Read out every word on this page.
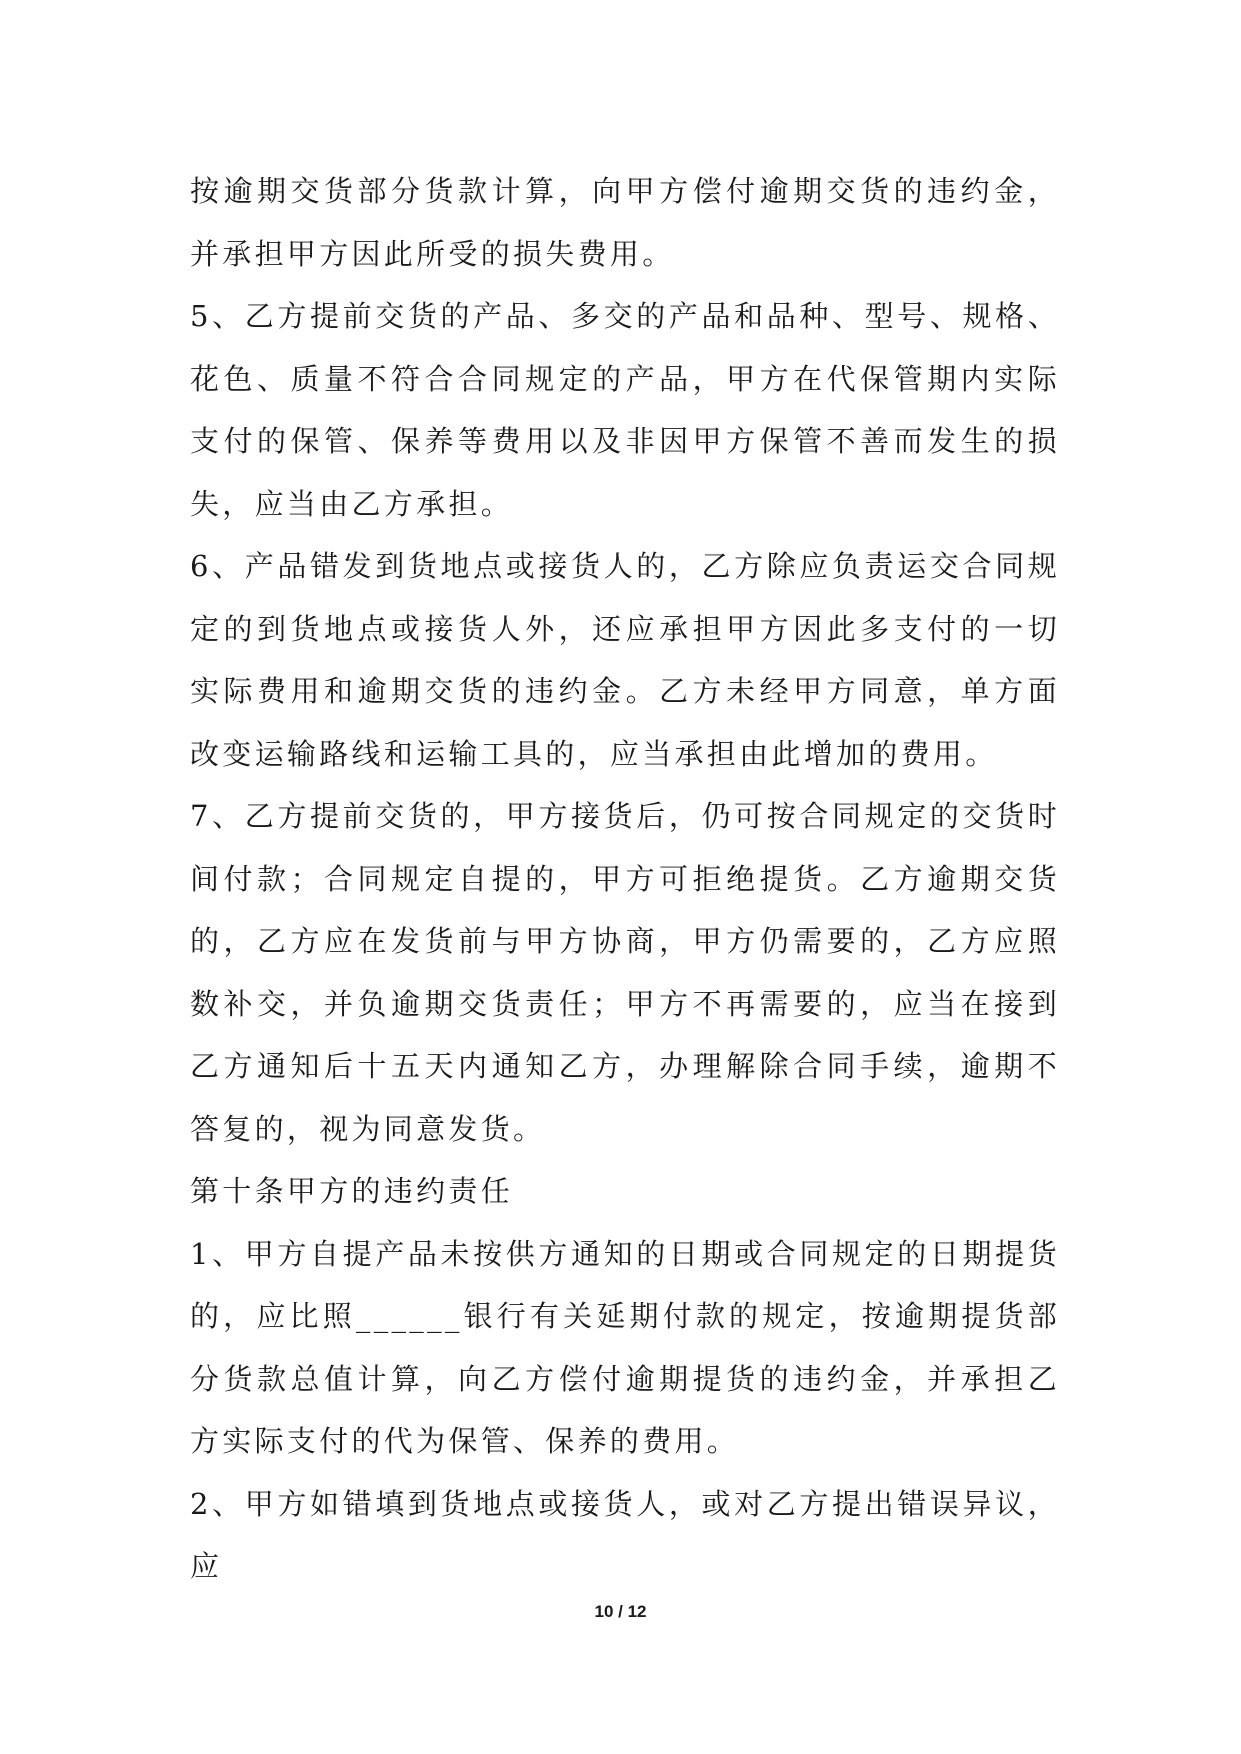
按逾期交货部分货款计算，向甲方偿付逾期交货的违约金，并承担甲方因此所受的损失费用。

5、乙方提前交货的产品、多交的产品和品种、型号、规格、花色、质量不符合合同规定的产品，甲方在代保管期内实际支付的保管、保养等费用以及非因甲方保管不善而发生的损失，应当由乙方承担。

6、产品错发到货地点或接货人的，乙方除应负责运交合同规定的到货地点或接货人外，还应承担甲方因此多支付的一切实际费用和逾期交货的违约金。乙方未经甲方同意，单方面改变运输路线和运输工具的，应当承担由此增加的费用。

7、乙方提前交货的，甲方接货后，仍可按合同规定的交货时间付款；合同规定自提的，甲方可拒绝提货。乙方逾期交货的，乙方应在发货前与甲方协商，甲方仍需要的，乙方应照数补交，并负逾期交货责任；甲方不再需要的，应当在接到乙方通知后十五天内通知乙方，办理解除合同手续，逾期不答复的，视为同意发货。

第十条甲方的违约责任

1、甲方自提产品未按供方通知的日期或合同规定的日期提货的，应比照______银行有关延期付款的规定，按逾期提货部分货款总值计算，向乙方偿付逾期提货的违约金，并承担乙方实际支付的代为保管、保养的费用。

2、甲方如错填到货地点或接货人，或对乙方提出错误异议，应

10 / 12
